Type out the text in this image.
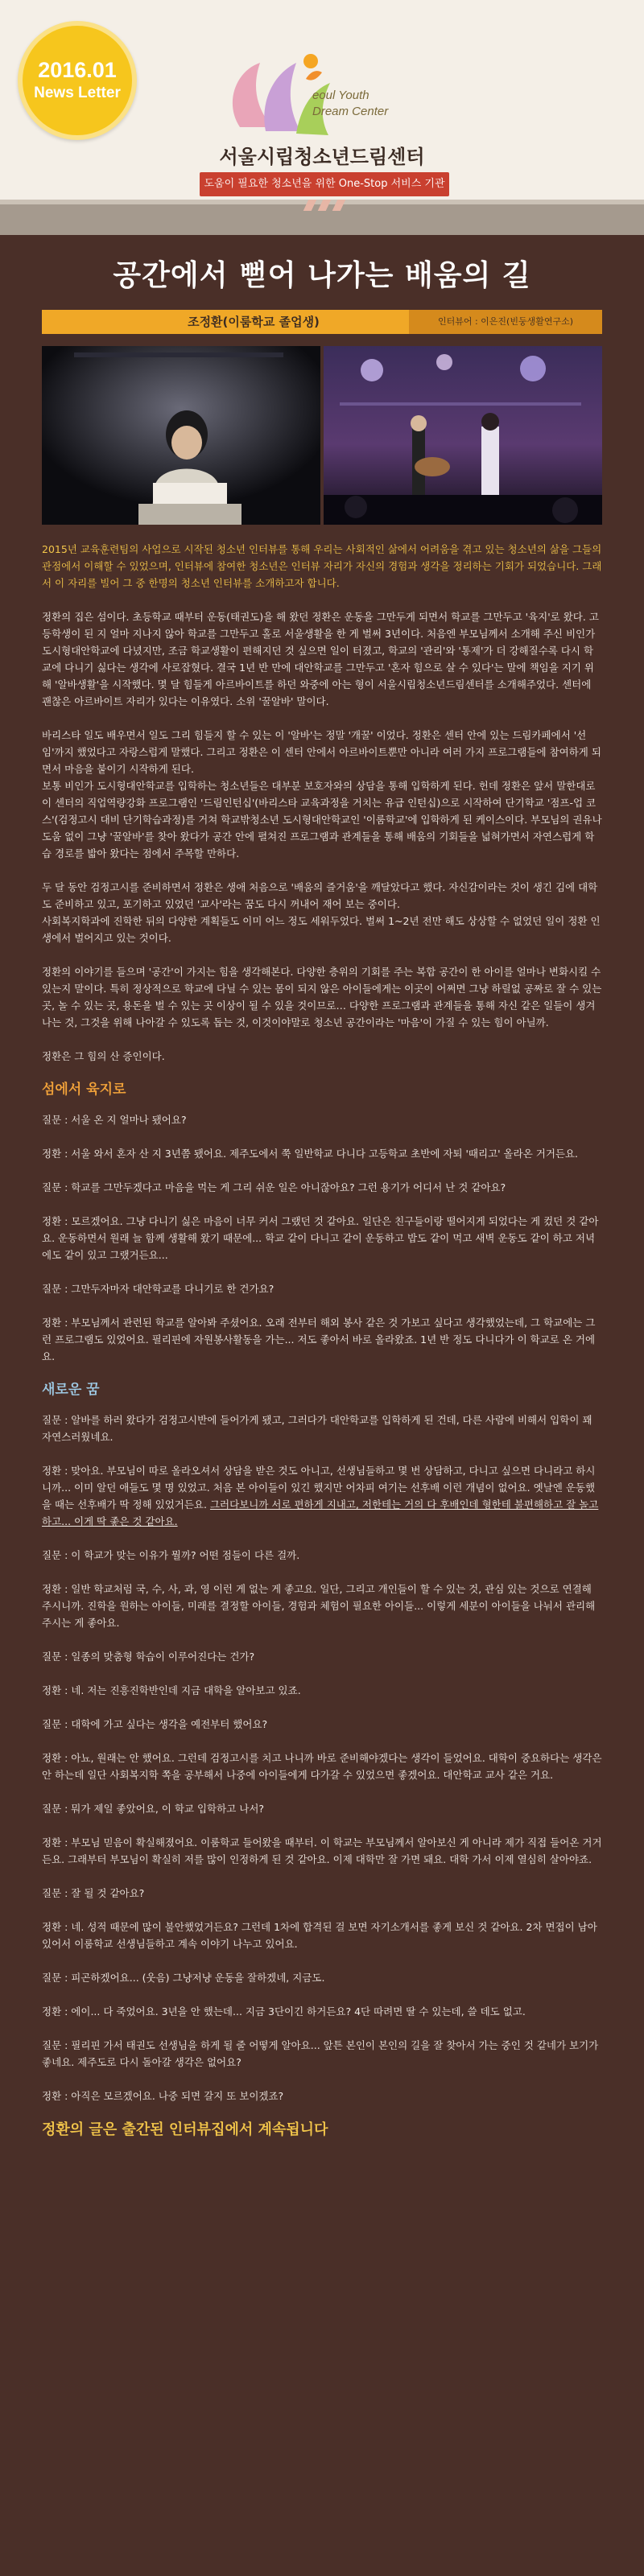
2016.01
News Letter	eoul Youth
Dream Center
서울시립청소년드림센터
도움이 필요한 청소년을 위한 One-Stop 서비스 기관
공간에서 뻗어 나가는 배움의 길
조정환(이룸학교 졸업생)	인터뷰어 : 이은진(빈둥생활연구소)

2015년 교육훈련팀의 사업으로 시작된 청소년 인터뷰를 통해 우리는 사회적인 삶에서 어려움을 겪고 있는 청소년의 삶을 그들의 관점에서 이해할 수 있었으며, 인터뷰에 참여한 청소년은 인터뷰 자리가 자신의 경험과 생각을 정리하는 기회가 되었습니다. 그래서 이 자리를 빌어 그 중 한명의 청소년 인터뷰를 소개하고자 합니다.

정환의 집은 섬이다. 초등학교 때부터 운동(태권도)을 해 왔던 정환은 운동을 그만두게 되면서 학교를 그만두고 '육지'로 왔다. 고등학생이 된 지 얼마 지나지 않아 학교를 그만두고 홀로 서울생활을 한 게 벌써 3년이다. 처음엔 부모님께서 소개해 주신 비인가 도시형대안학교에 다녔지만, 조금 학교생활이 편해지던 것 싶으면 일이 터졌고, 학교의 '관리'와 '통제'가 더 강해질수록 다시 학교에 다니기 싫다는 생각에 사로잡혔다. 결국 1년 반 만에 대안학교를 그만두고 '혼자 힘으로 살 수 있다'는 말에 책임을 지기 위해 '알바생활'을 시작했다. 몇 달 힘들게 아르바이트를 하던 와중에 아는 형이 서울시립청소년드림센터를 소개해주었다. 센터에 괜찮은 아르바이트 자리가 있다는 이유였다. 소위 '꿀알바' 말이다.

바리스타 일도 배우면서 일도 그리 힘들지 할 수 있는 이 '알바'는 정말 '개꿀' 이었다. 정환은 센터 안에 있는 드림카페에서 '선임'까지 했었다고 자랑스럽게 말했다. 그리고 정환은 이 센터 안에서 아르바이트뿐만 아니라 여러 가지 프로그램들에 참여하게 되면서 마음을 붙이기 시작하게 된다.

보통 비인가 도시형대안학교를 입학하는 청소년들은 대부분 보호자와의 상담을 통해 입학하게 된다. 헌데 정환은 앞서 말한대로 이 센터의 직업역량강화 프로그램인 '드림인턴십'(바리스타 교육과정을 거치는 유급 인턴십)으로 시작하여 단기학교 '점프-업 코스'(검정고시 대비 단기학습과정)를 거쳐 학교밖청소년 도시형대안학교인 '이룸학교'에 입학하게 된 케이스이다. 부모님의 권유나 도움 없이 그냥 '꿀알바'를 찾아 왔다가 공간 안에 펼쳐진 프로그램과 관계들을 통해 배움의 기회들을 넓혀가면서 자연스럽게 학습 경로를 밟아 왔다는 점에서 주목할 만하다.

두 달 동안 검정고시를 준비하면서 정환은 생애 처음으로 '배움의 즐거움'을 깨달았다고 했다. 자신감이라는 것이 생긴 김에 대학도 준비하고 있고, 포기하고 있었던 '교사'라는 꿈도 다시 꺼내어 재어 보는 중이다.

사회복지학과에 진학한 뒤의 다양한 계획들도 이미 어느 정도 세워두었다. 벌써 1~2년 전만 해도 상상할 수 없었던 일이 정환 인생에서 벌어지고 있는 것이다.

정환의 이야기를 들으며 '공간'이 가지는 힘을 생각해본다. 다양한 층위의 기회를 주는 복합 공간이 한 아이를 얼마나 변화시킬 수 있는지 말이다. 특히 정상적으로 학교에 다닐 수 있는 몸이 되지 않은 아이들에게는 이곳이 어쩌면 그냥 하릴없 공짜로 잘 수 있는 곳, 놀 수 있는 곳, 용돈을 벌 수 있는 곳 이상이 될 수 있을 것이므로… 다양한 프로그램과 관계들을 통해 자신 같은 일들이 생겨나는 것, 그것을 위해 나아갈 수 있도록 돕는 것, 이것이야말로 청소년 공간이라는 '마음'이 가질 수 있는 힘이 아닐까.

정환은 그 힘의 산 증인이다.

섬에서 육지로

질문 : 서울 온 지 얼마나 됐어요?

정환 : 서울 와서 혼자 산 지 3년쯤 됐어요. 제주도에서 쭉 일반학교 다니다 고등학교 초반에 자퇴 '때리고' 올라온 거거든요.

질문 : 학교를 그만두겠다고 마음을 먹는 게 그리 쉬운 일은 아니잖아요? 그런 용기가 어디서 난 것 같아요?

정환 : 모르겠어요. 그냥 다니기 싫은 마음이 너무 커서 그랬던 것 같아요. 일단은 친구들이랑 떨어지게 되었다는 게 컸던 것 같아요. 운동하면서 원래 늘 함께 생활해 왔기 때문에... 학교 같이 다니고 같이 운동하고 밥도 같이 먹고 새벽 운동도 같이 하고 저녁에도 같이 있고 그랬거든요...

질문 : 그만두자마자 대안학교를 다니기로 한 건가요?

정환 : 부모님께서 관련된 학교를 알아봐 주셨어요. 오래 전부터 해외 봉사 같은 것 가보고 싶다고 생각했었는데, 그 학교에는 그런 프로그램도 있었어요. 필리핀에 자원봉사활동을 가는... 저도 좋아서 바로 올라왔죠. 1년 반 정도 다니다가 이 학교로 온 거에요.

새로운 꿈

질문 : 알바를 하러 왔다가 검정고시반에 들어가게 됐고, 그러다가 대안학교를 입학하게 된 건데, 다른 사람에 비해서 입학이 꽤 자연스러웠네요.

정환 : 맞아요. 부모님이 따로 올라오셔서 상담을 받은 것도 아니고, 선생님들하고 몇 번 상담하고, 다니고 싶으면 다니라고 하시니까... 이미 알던 애들도 몇 명 있었고. 처음 본 아이들이 있긴 했지만 어차피 여기는 선후배 이런 개념이 없어요. 옛날엔 운동했을 때는 선후배가 딱 정해 있었거든요. 그러다보니까 서로 편하게 지내고, 저한테는 거의 다 후배인데 형한테 불편해하고 잘 놀고 하고... 이게 딱 좋은 것 같아요.

질문 : 이 학교가 맞는 이유가 뭘까? 어떤 점들이 다른 걸까.

정환 : 일반 학교처럼 국, 수, 사, 과, 영 이런 게 없는 게 좋고요. 일단, 그리고 개인들이 할 수 있는 것, 관심 있는 것으로 연결해 주시니까. 진학을 원하는 아이들, 미래를 결정할 아이들, 경험과 체험이 필요한 아이들... 이렇게 세분이 아이들을 나눠서 관리해주시는 게 좋아요.

질문 : 일종의 맞춤형 학습이 이루어진다는 건가?

정환 : 네. 저는 진흥진학반인데 지금 대학을 알아보고 있죠.

질문 : 대학에 가고 싶다는 생각을 예전부터 했어요?

정환 : 아뇨, 원래는 안 했어요. 그런데 검정고시를 치고 나니까 바로 준비해야겠다는 생각이 들었어요. 대학이 중요하다는 생각은 안 하는데 일단 사회복지학 쪽을 공부해서 나중에 아이들에게 다가갈 수 있었으면 좋겠어요. 대안학교 교사 같은 거요.

질문 : 뭐가 제일 좋았어요, 이 학교 입학하고 나서?

정환 : 부모님 믿음이 확실해졌어요. 이룸학교 들어왔을 때부터. 이 학교는 부모님께서 알아보신 게 아니라 제가 직접 들어온 거거든요. 그래부터 부모님이 확실히 저를 많이 인정하게 된 것 같아요. 이제 대학만 잘 가면 돼요. 대학 가서 이제 열심히 살아야죠.

질문 : 잘 될 것 같아요?

정환 : 네. 성적 때문에 많이 불안했었거든요? 그런데 1차에 합격된 걸 보면 자기소개서를 좋게 보신 것 같아요. 2차 면접이 남아있어서 이룸학교 선생님들하고 계속 이야기 나누고 있어요.

질문 : 피곤하겠어요... (웃음) 그냥저냥 운동을 잘하겠네, 지금도.

정환 : 에이... 다 죽었어요. 3년을 안 했는데... 지금 3단이긴 하거든요? 4단 따려면 딸 수 있는데, 쓸 데도 없고.

질문 : 필리핀 가서 태권도 선생님을 하게 될 줄 어떻게 알아요... 앞튼 본인이 본인의 길을 잘 찾아서 가는 중인 것 같네가 보기가 좋네요. 제주도로 다시 돌아갈 생각은 없어요?

정환 : 아직은 모르겠어요. 나중 되면 갈지 또 보이겠죠?

정환의 글은 출간된 인터뷰집에서 계속됩니다
